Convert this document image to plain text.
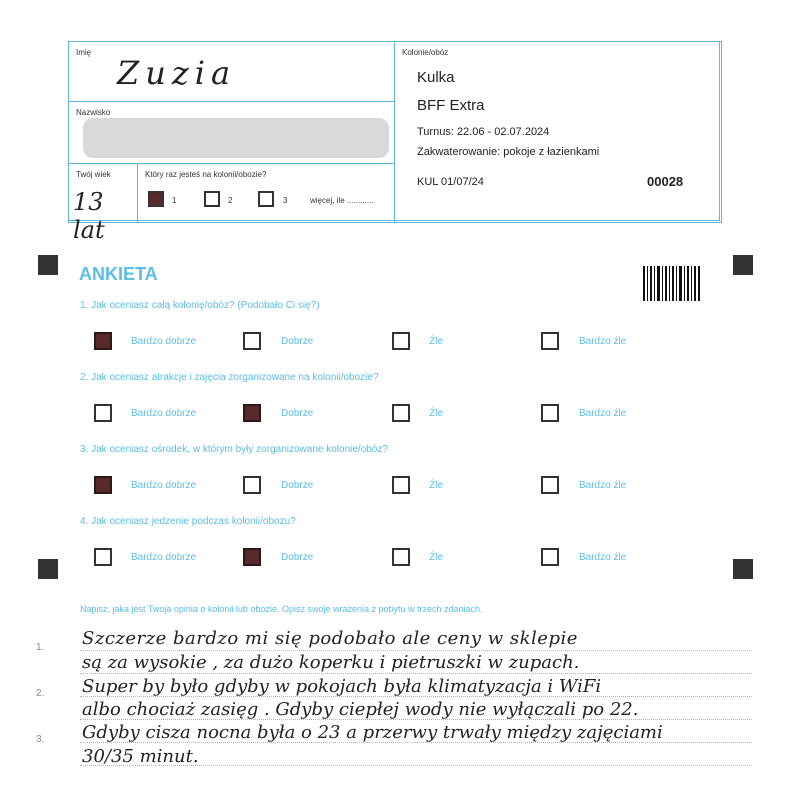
Imię
Zuzia
Nazwisko
Twój wiek
13 lat
Który raz jesteś na kolonii/obozie?
1	2	3	więcej, ile ............
Kolonie/obóz
Kulka
BFF Extra
Turnus: 22.06 - 02.07.2024
Zakwaterowanie: pokoje z łazienkami
KUL 01/07/24	00028
ANKIETA
1. Jak oceniasz całą kolonię/obóz? (Podobało Ci się?)
Bardzo dobrze	Dobrze	Źle	Bardzo źle
2. Jak oceniasz atrakcje i zajęcia zorganizowane na kolonii/obozie?
Bardzo dobrze	Dobrze	Źle	Bardzo źle
3. Jak oceniasz ośrodek, w którym były zorganizowane kolonie/obóz?
Bardzo dobrze	Dobrze	Źle	Bardzo źle
4. Jak oceniasz jedzenie podczas kolonii/obozu?
Bardzo dobrze	Dobrze	Źle	Bardzo źle
Napisz, jaka jest Twoja opinia o kolonii lub obozie. Opisz swoje wrażenia z pobytu w trzech zdaniach.
1.
2.
3.
Szczerze bardzo mi się podobało ale ceny w sklepie
są za wysokie , za dużo koperku i pietruszki w zupach.
Super by było gdyby w pokojach była klimatyzacja i WiFi
albo chociaż zasięg . Gdyby ciepłej wody nie wyłączali po 22.
Gdyby cisza nocna była o 23 a przerwy trwały między zajęciami
30/35 minut.
